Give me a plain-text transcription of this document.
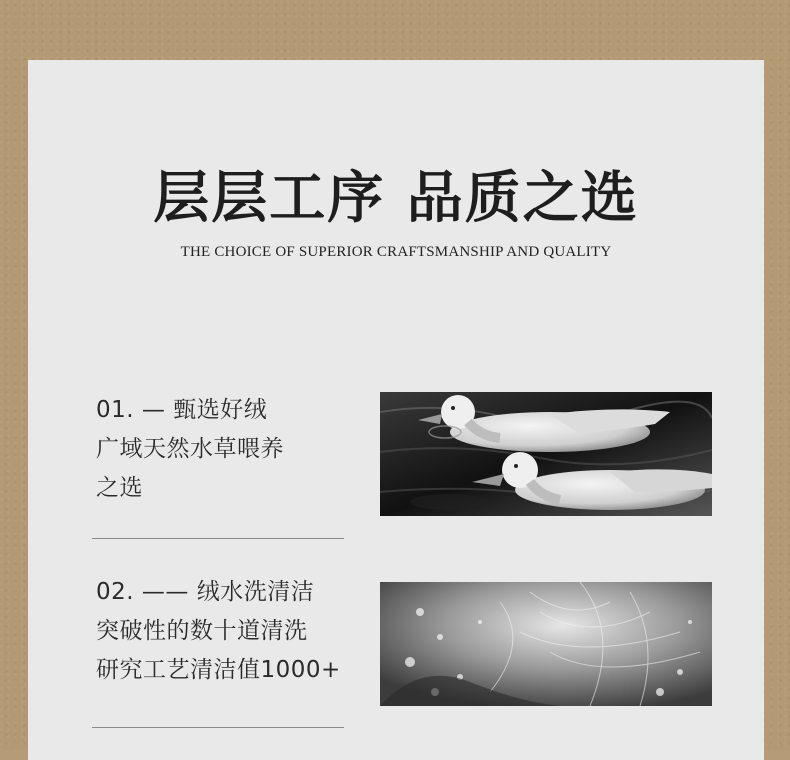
层层工序 品质之选
THE CHOICE OF SUPERIOR CRAFTSMANSHIP AND QUALITY
01. — 甄选好绒
广域天然水草喂养
之选
02. —— 绒水洗清洁
突破性的数十道清洗
研究工艺清洁值1000+
